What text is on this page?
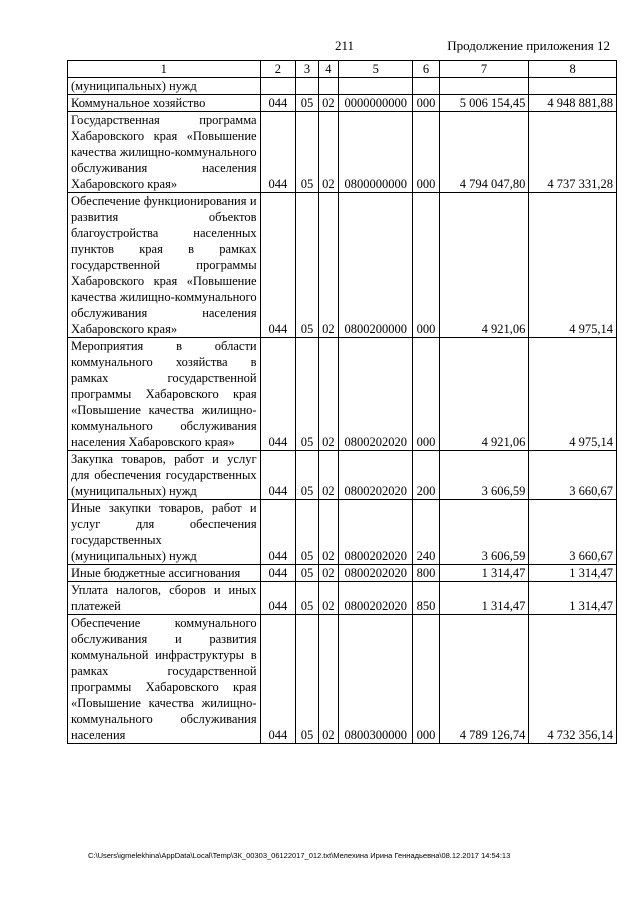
211	Продолжение приложения 12
1	2	3	4	5	6	7	8
(муниципальных) нужд							
Коммунальное хозяйство	044	05	02	0000000000	000	5 006 154,45	4 948 881,88
Государственная программа Хабаровского края «Повышение качества жилищно-коммунального обслуживания населения Хабаровского края»	044	05	02	0800000000	000	4 794 047,80	4 737 331,28
Обеспечение функционирования и развития объектов благоустройства населенных пунктов края в рамках государственной программы Хабаровского края «Повышение качества жилищно-коммунального обслуживания населения Хабаровского края»	044	05	02	0800200000	000	4 921,06	4 975,14
Мероприятия в области коммунального хозяйства в рамках государственной программы Хабаровского края «Повышение качества жилищно-коммунального обслуживания населения Хабаровского края»	044	05	02	0800202020	000	4 921,06	4 975,14
Закупка товаров, работ и услуг для обеспечения государственных (муниципальных) нужд	044	05	02	0800202020	200	3 606,59	3 660,67
Иные закупки товаров, работ и услуг для обеспечения государственных (муниципальных) нужд	044	05	02	0800202020	240	3 606,59	3 660,67
Иные бюджетные ассигнования	044	05	02	0800202020	800	1 314,47	1 314,47
Уплата налогов, сборов и иных платежей	044	05	02	0800202020	850	1 314,47	1 314,47
Обеспечение коммунального обслуживания и развития коммунальной инфраструктуры в рамках государственной программы Хабаровского края «Повышение качества жилищно-коммунального обслуживания населения	044	05	02	0800300000	000	4 789 126,74	4 732 356,14
C:\Users\igmelekhina\AppData\Local\Temp\ЗК_00303_06122017_012.txt\Мелехина Ирина Геннадьевна\08.12.2017 14:54:13
